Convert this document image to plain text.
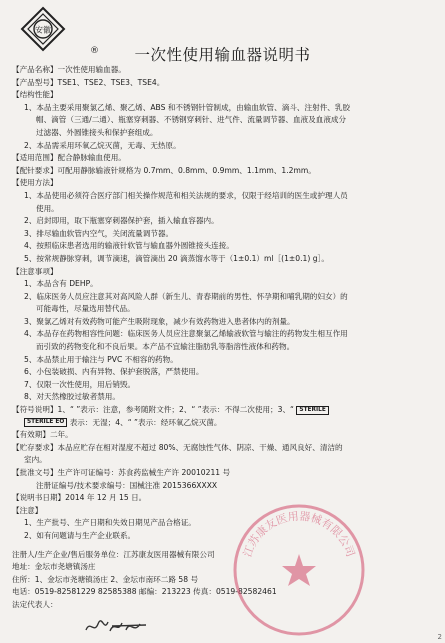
安徽
®	一次性使用输血器说明书
【产品名称】一次性使用输血器。
【产品型号】TSE1、TSE2、TSE3、TSE4。
【结构性能】
1、本品主要采用聚氯乙烯、聚乙烯、ABS 和不锈钢针管制成，由输血软管、滴斗、注射件、乳胶
帽、滴管（三通/二通）、瓶塞穿刺器、不锈钢穿刺针、进气件、流量调节器、血液及血液成分
过滤器、外圆锥接头和保护套组成。
2、本品需采用环氧乙烷灭菌，无毒、无热原。
【适用范围】配合静脉输血使用。
【配针要求】可配用静脉输液针规格为 0.7mm、0.8mm、0.9mm、1.1mm、1.2mm。
【使用方法】
1、本品使用必须符合医疗部门相关操作规范和相关法规的要求，仅限于经培训的医生或护理人员
使用。
2、启封即用，取下瓶塞穿刺器保护套，插入输血容器内。
3、排尽输血软管内空气，关闭流量调节器。
4、按照临床患者选用的输液针软管与输血器外圆锥接头连接。
5、按常规静脉穿刺，调节滴速，滴管滴出 20 滴蒸馏水等于（1±0.1）ml［(1±0.1) g］。
【注意事项】
1、本品含有 DEHP。
2、临床医务人员应注意其对高风险人群（新生儿、青春期前的男性、怀孕期和哺乳期的妇女）的
可能毒性，尽量选用替代品。
3、聚氯乙烯对有效药物可能产生吸附现象，减少有效药物进入患者体内的剂量。
4、本品存在药物相容性问题：临床医务人员应注意聚氯乙烯输液软管与输注的药物发生相互作用
而引致的药物变化和不良后果。本产品不宜输注脂肪乳等脂溶性液体和药物。
5、本品禁止用于输注与 PVC 不相容的药物。
6、小包装破损、内有异物、保护套脱落，严禁使用。
7、仅限一次性使用，用后销毁。
8、对天然橡胶过敏者禁用。
【符号说明】1、“ ”表示：注意，参考随附文件；2、“ ”表示：不得二次使用；3、“ STERILE
STERILE EO 表示：无湿；4、“ ”表示：经环氧乙烷灭菌。
【有效期】二年。
【贮存要求】本品应贮存在相对湿度不超过 80%、无腐蚀性气体、阴凉、干燥、通风良好、清洁的
室内。
【批准文号】生产许可证编号：苏食药监械生产许 20010211 号
注册证编号/技术要求编号：国械注准 2015366XXXX
【说明书日期】2014 年 12 月 15 日。
【注意】
1、生产批号、生产日期和失效日期见产品合格证。
2、如有问题请与生产企业联系。
注册人/生产企业/售后服务单位：江苏康友医用器械有限公司
地址：金坛市尧塘镇汤庄
住所：1、金坛市尧塘镇汤庄 2、金坛市南环二路 58 号
电话：0519-82581229 82585388 邮编：213223 传真：0519-82582461
法定代表人：
江苏康友医用器械有限公司
2
